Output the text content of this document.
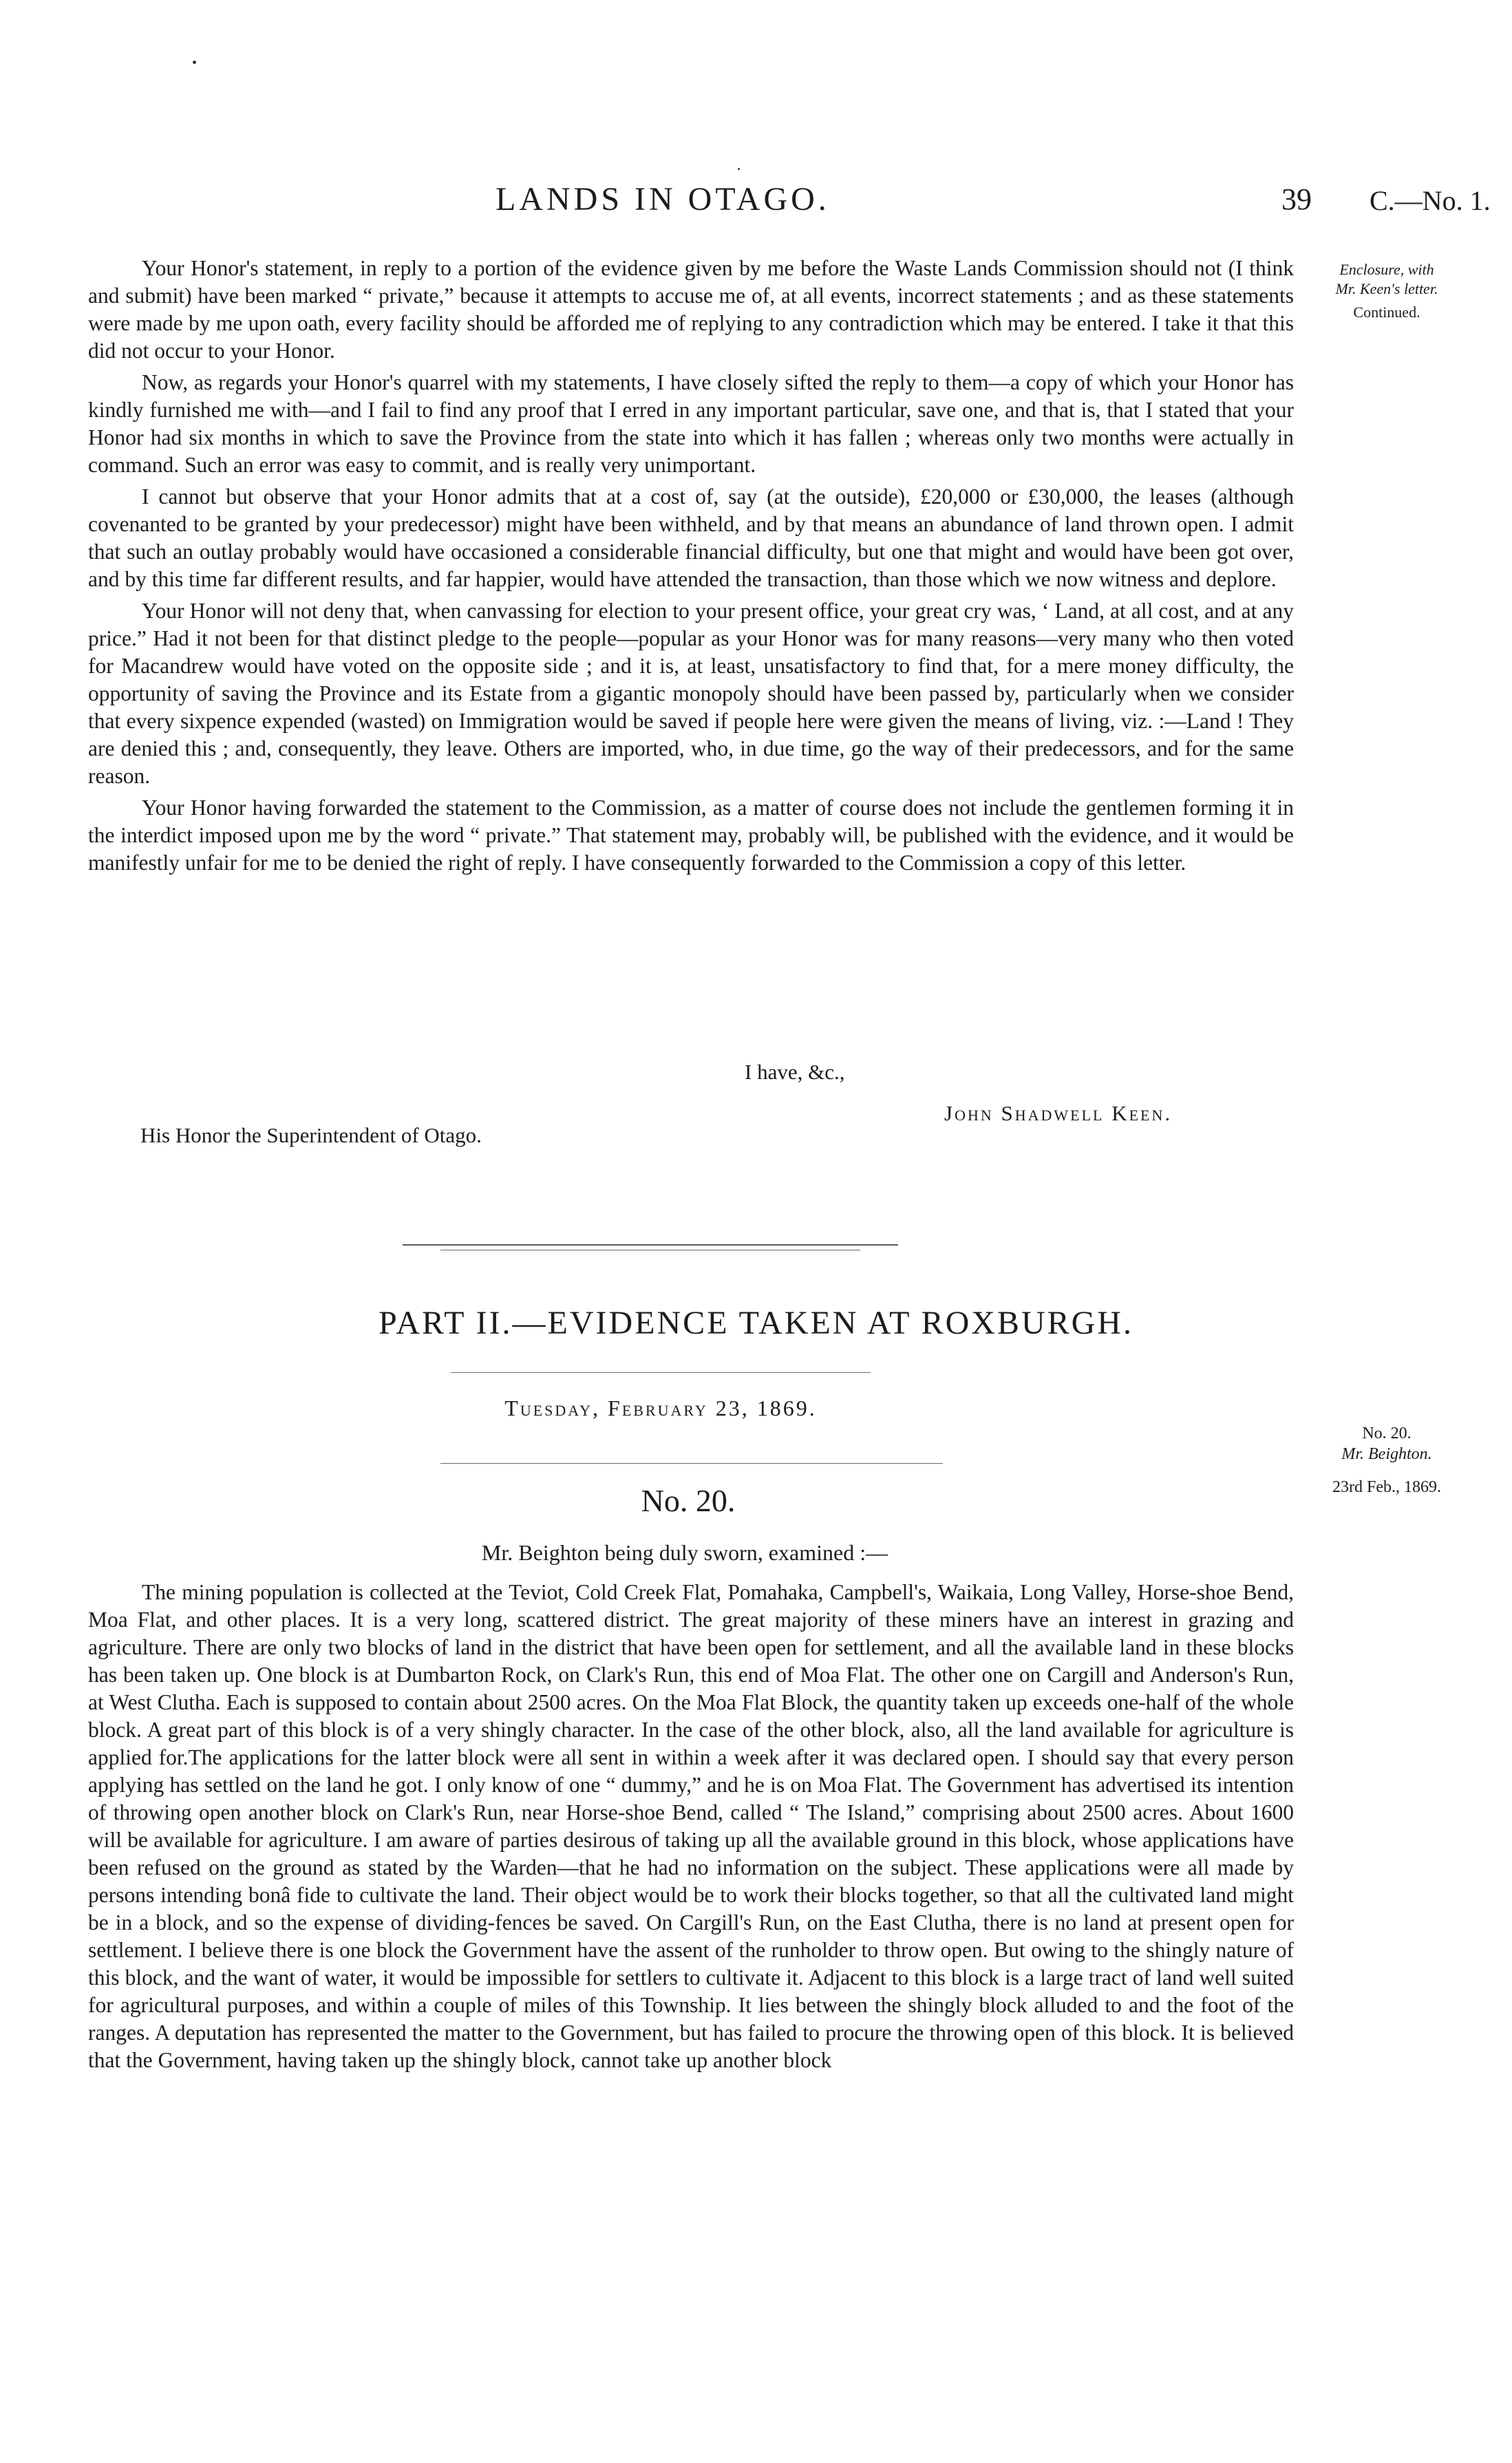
LANDS IN OTAGO.	39 C.—No. 1.
Enclosure, with
Mr. Keen's letter.
Continued.

Your Honor's statement, in reply to a portion of the evidence given by me before the Waste Lands Commission should not (I think and submit) have been marked “ private,” because it attempts to accuse me of, at all events, incorrect statements ; and as these statements were made by me upon oath, every facility should be afforded me of replying to any contradiction which may be entered. I take it that this did not occur to your Honor.

Now, as regards your Honor's quarrel with my statements, I have closely sifted the reply to them—a copy of which your Honor has kindly furnished me with—and I fail to find any proof that I erred in any important particular, save one, and that is, that I stated that your Honor had six months in which to save the Province from the state into which it has fallen ; whereas only two months were actually in command. Such an error was easy to commit, and is really very unimportant.

I cannot but observe that your Honor admits that at a cost of, say (at the outside), £20,000 or £30,000, the leases (although covenanted to be granted by your predecessor) might have been withheld, and by that means an abundance of land thrown open. I admit that such an outlay probably would have occasioned a considerable financial difficulty, but one that might and would have been got over, and by this time far different results, and far happier, would have attended the transaction, than those which we now witness and deplore.

Your Honor will not deny that, when canvassing for election to your present office, your great cry was, ‘ Land, at all cost, and at any price.” Had it not been for that distinct pledge to the people—popular as your Honor was for many reasons—very many who then voted for Macandrew would have voted on the opposite side ; and it is, at least, unsatisfactory to find that, for a mere money difficulty, the opportunity of saving the Province and its Estate from a gigantic monopoly should have been passed by, particularly when we consider that every sixpence expended (wasted) on Immigration would be saved if people here were given the means of living, viz. :—Land ! They are denied this ; and, consequently, they leave. Others are imported, who, in due time, go the way of their predecessors, and for the same reason.

Your Honor having forwarded the statement to the Commission, as a matter of course does not include the gentlemen forming it in the interdict imposed upon me by the word “ private.” That statement may, probably will, be published with the evidence, and it would be manifestly unfair for me to be denied the right of reply. I have consequently forwarded to the Commission a copy of this letter.

I have, &c.,
John Shadwell Keen.
His Honor the Superintendent of Otago.
PART II.—EVIDENCE TAKEN AT ROXBURGH.
Tuesday, February 23, 1869.
No. 20.
Mr. Beighton.
23rd Feb., 1869.
No. 20.
Mr. Beighton being duly sworn, examined :—

The mining population is collected at the Teviot, Cold Creek Flat, Pomahaka, Campbell's, Waikaia, Long Valley, Horse-shoe Bend, Moa Flat, and other places. It is a very long, scattered district. The great majority of these miners have an interest in grazing and agriculture. There are only two blocks of land in the district that have been open for settlement, and all the available land in these blocks has been taken up. One block is at Dumbarton Rock, on Clark's Run, this end of Moa Flat. The other one on Cargill and Anderson's Run, at West Clutha. Each is supposed to contain about 2500 acres. On the Moa Flat Block, the quantity taken up exceeds one-half of the whole block. A great part of this block is of a very shingly character. In the case of the other block, also, all the land available for agriculture is applied for.The applications for the latter block were all sent in within a week after it was declared open. I should say that every person applying has settled on the land he got. I only know of one “ dummy,” and he is on Moa Flat. The Government has advertised its intention of throwing open another block on Clark's Run, near Horse-shoe Bend, called “ The Island,” comprising about 2500 acres. About 1600 will be available for agriculture. I am aware of parties desirous of taking up all the available ground in this block, whose applications have been refused on the ground as stated by the Warden—that he had no information on the subject. These applications were all made by persons intending bonâ fide to cultivate the land. Their object would be to work their blocks together, so that all the cultivated land might be in a block, and so the expense of dividing-fences be saved. On Cargill's Run, on the East Clutha, there is no land at present open for settlement. I believe there is one block the Government have the assent of the runholder to throw open. But owing to the shingly nature of this block, and the want of water, it would be impossible for settlers to cultivate it. Adjacent to this block is a large tract of land well suited for agricultural purposes, and within a couple of miles of this Township. It lies between the shingly block alluded to and the foot of the ranges. A deputation has represented the matter to the Government, but has failed to procure the throwing open of this block. It is believed that the Government, having taken up the shingly block, cannot take up another block
